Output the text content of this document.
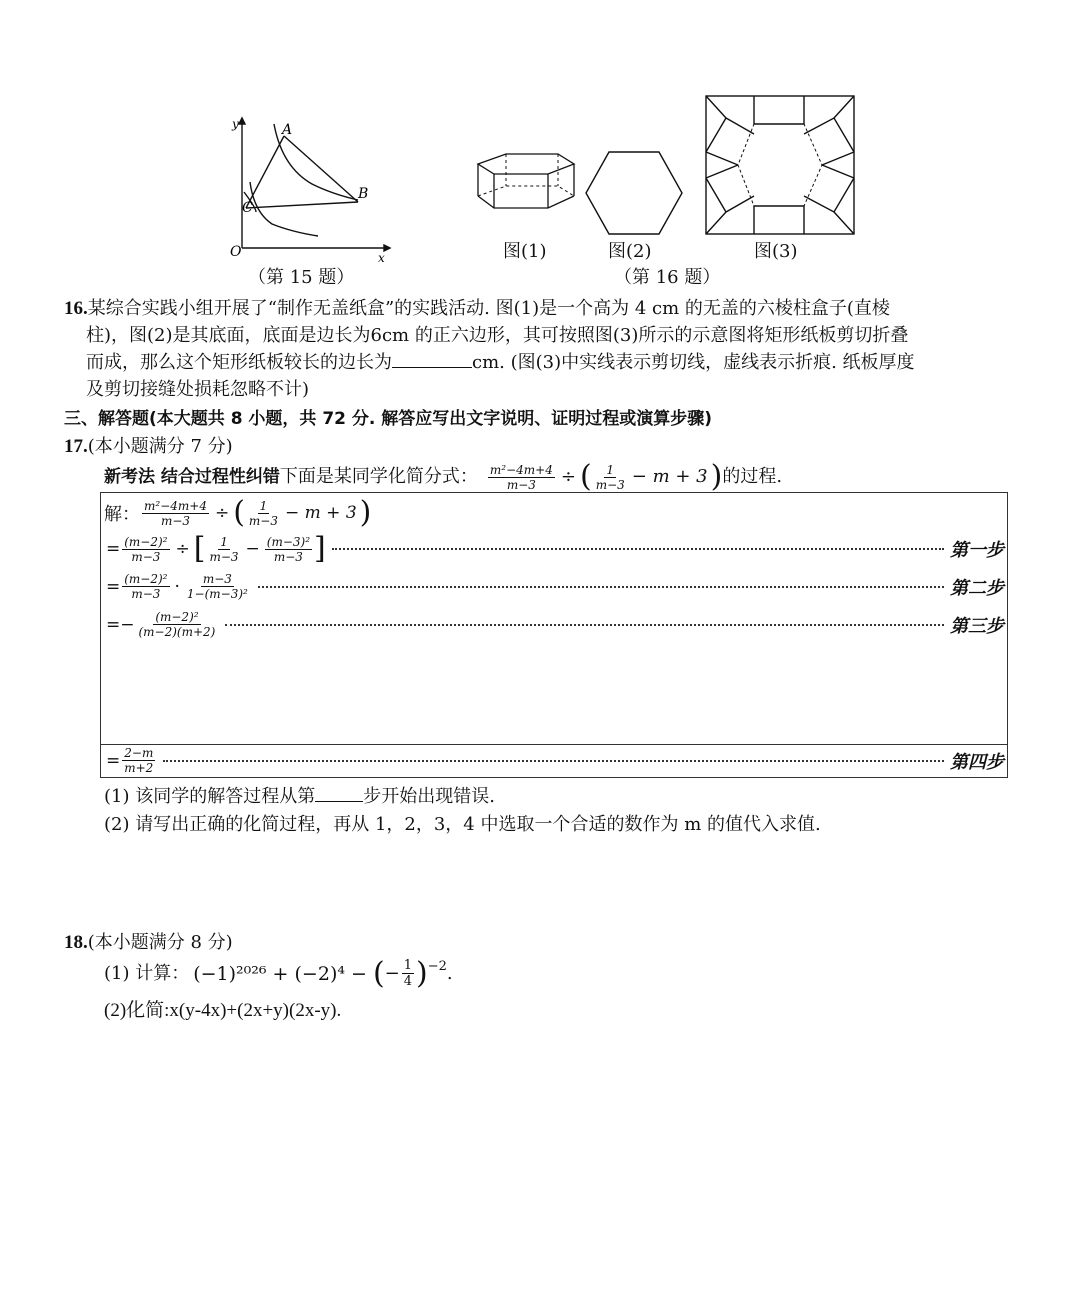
y
x
O
A
B
C
（第 15 题）
图(1)	图(2)	图(3)
（第 16 题）
16.某综合实践小组开展了“制作无盖纸盒”的实践活动. 图(1)是一个高为 4 cm 的无盖的六棱柱盒子(直棱
柱)，图(2)是其底面，底面是边长为6cm 的正六边形，其可按照图(3)所示的示意图将矩形纸板剪切折叠
而成，那么这个矩形纸板较长的边长为	cm. (图(3)中实线表示剪切线，虚线表示折痕. 纸板厚度
及剪切接缝处损耗忽略不计)
三、解答题(本大题共 8 小题，共 72 分. 解答应写出文字说明、证明过程或演算步骤)
17.(本小题满分 7 分)
新考法 结合过程性纠错 下面是某同学化简分式： $\frac{\text{m²−4m+4}}{m-3}$ ÷ ( $\frac{1}{m-3} - m + 3$ ) 的过程.
解： $\frac{\text{m²−4m+4}}{m-3}$ ÷ ( $\frac{1}{m-3} - m + 3$ )
= $\frac{\text{(m−2)²}}{m-3}$ ÷ [ $\frac{1}{m-3} - \frac{\text{(m−3)²}}{m-3}$ ]	第一步
= $\frac{\text{(m−2)²}}{m-3} \cdot \frac{m-3}{\text{1−(m−3)²}}$	第二步
=− $\frac{\text{(m−2)²}}{(m-2)(m+2)}$	第三步
= $\frac{2-m}{m+2}$	第四步
(1) 该同学的解答过程从第	步开始出现错误.
(2) 请写出正确的化简过程，再从 1，2，3，4 中选取一个合适的数作为 m 的值代入求值.
18.(本小题满分 8 分)
(1) 计算： (−1)²⁰²⁶ + (−2)⁴ − ( − $\frac{1}{4}$ ) −2 .
(2)化简:x(y-4x)+(2x+y)(2x-y).
